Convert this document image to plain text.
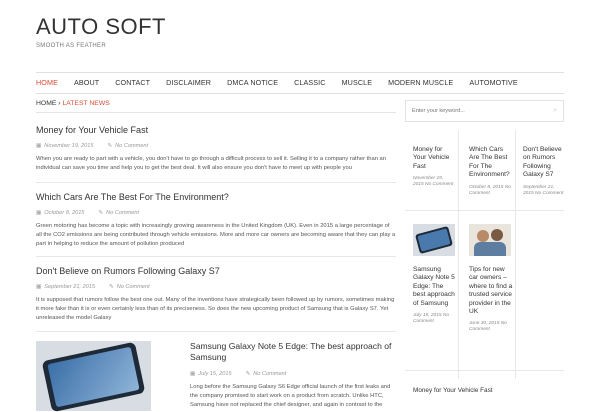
AUTO SOFT
SMOOTH AS FEATHER
HOME	ABOUT	CONTACT	DISCLAIMER	DMCA NOTICE	CLASSIC	MUSCLE	MODERN MUSCLE	AUTOMOTIVE
HOME › LATEST NEWS
Money for Your Vehicle Fast
▦ November 19, 2015	✎ No Comment
When you are ready to part with a vehicle, you don't have to go through a difficult process to sell it. Selling it to a company rather than an individual can save you time and help you to get the best deal. It will also ensure you don't have to meet up with people you
Which Cars Are The Best For The Environment?
▦ October 8, 2015	✎ No Comment
Green motoring has become a topic with increasingly growing awareness in the United Kingdom (UK). Even in 2015 a large percentage of all the CO2 emissions are being contributed through vehicle emissions. More and more car owners are becoming aware that they can play a part in helping to reduce the amount of pollution produced
Don't Believe on Rumors Following Galaxy S7
▦ September 21, 2015	✎ No Comment
It is supposed that rumors follow the best one out. Many of the inventions have strategically been followed up by rumors, sometimes making it more fake than it is or even certainly less than of its preciseness. So does the new upcoming product of Samsung that is Galaxy S7. Yet unreleased the model Galaxy
Samsung Galaxy Note 5 Edge: The best approach of Samsung
▦ July 15, 2015	✎ No Comment
Long before the Samsung Galaxy S6 Edge official launch of the first leaks and the company promised to start work on a product from scratch. Unlike HTC, Samsung have not replaced the chief designer, and again in contrast to the
Enter your keyword...
⌕
Money for Your Vehicle Fast
November 19, 2015 No Comment
Which Cars Are The Best For The Environment?
October 8, 2015 No Comment
Don't Believe on Rumors Following Galaxy S7
September 21, 2015 No Comment
Samsung Galaxy Note 5 Edge: The best approach of Samsung
July 15, 2015 No Comment
Tips for new car owners – where to find a trusted service provider in the UK
June 30, 2015 No Comment
Money for Your Vehicle Fast
